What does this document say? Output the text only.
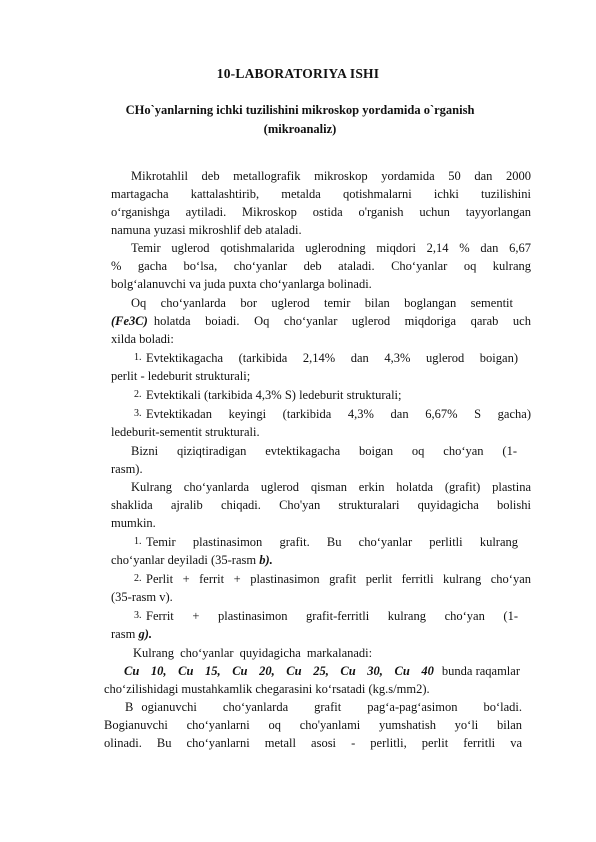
10-LABORATORIYA ISHI
CHo`yanlarning ichki tuzilishini mikroskop yordamida o`rganish (mikroanaliz)
Mikrotahlil deb metallografik mikroskop yordamida 50 dan 2000
martagacha kattalashtirib, metalda qotishmalarni ichki tuzilishini
o‘rganishga aytiladi. Mikroskop ostida o'rganish uchun tayyorlangan
namuna yuzasi mikroshlif deb ataladi.
Temir uglerod qotishmalarida uglerodning miqdori 2,14 % dan 6,67
% gacha bo‘lsa, cho‘yanlar deb ataladi. Cho‘yanlar oq kulrang
bolg‘alanuvchi va juda puxta cho‘yanlarga bolinadi.
Oq cho‘yanlarda bor uglerod temir bilan boglangan sementit
(Fe3C) holatda boiadi. Oq cho‘yanlar uglerod miqdoriga qarab uch
xilda boladi:
1. Evtektikagacha (tarkibida 2,14% dan 4,3% uglerod boigan)
perlit - ledeburit strukturali;
2. Evtektikali (tarkibida 4,3% S) ledeburit strukturali;
3. Evtektikadan keyingi (tarkibida 4,3% dan 6,67% S gacha)
ledeburit-sementit strukturali.
Bizni qiziqtiradigan evtektikagacha boigan oq cho‘yan (1-
rasm).
Kulrang cho‘yanlarda uglerod qisman erkin holatda (grafit) plastina
shaklida ajralib chiqadi. Cho'yan strukturalari quyidagicha bolishi
mumkin.
1. Temir plastinasimon grafit. Bu cho‘yanlar perlitli kulrang
cho‘yanlar deyiladi (35-rasm b).
2. Perlit + ferrit + plastinasimon grafit perlit ferritli kulrang cho‘yan
(35-rasm v).
3. Ferrit + plastinasimon grafit-ferritli kulrang cho‘yan (1-
rasm g).
Kulrang cho‘yanlar quyidagicha markalanadi:
Cu 10, Cu 15, Cu 20, Cu 25, Cu 30, Cu 40 bunda raqamlar
cho‘zilishidagi mustahkamlik chegarasini ko‘rsatadi (kg.s/mm2).
B ogianuvchi cho‘yanlarda grafit pag‘a-pag‘asimon bo‘ladi.
Bogianuvchi cho‘yanlarni oq cho'yanlami yumshatish yo‘li bilan
olinadi. Bu cho‘yanlarni metall asosi - perlitli, perlit ferritli va
